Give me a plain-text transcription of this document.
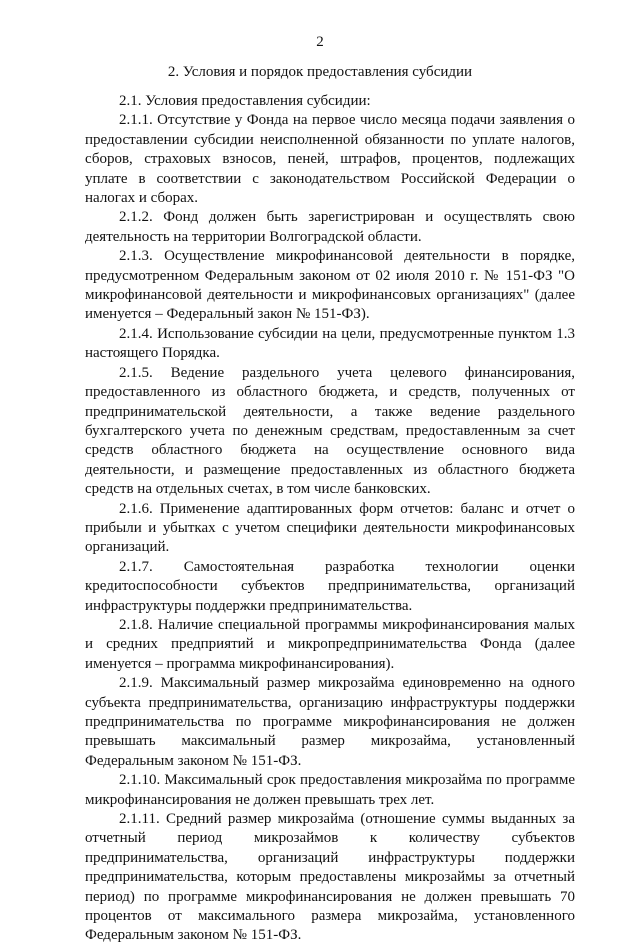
2
2. Условия и порядок предоставления субсидии

2.1. Условия предоставления субсидии:

2.1.1. Отсутствие у Фонда на первое число месяца подачи заявления о предоставлении субсидии неисполненной обязанности по уплате налогов, сборов, страховых взносов, пеней, штрафов, процентов, подлежащих уплате в соответствии с законодательством Российской Федерации о налогах и сборах.

2.1.2. Фонд должен быть зарегистрирован и осуществлять свою деятельность на территории Волгоградской области.

2.1.3. Осуществление микрофинансовой деятельности в порядке, предусмотренном Федеральным законом от 02 июля 2010 г. № 151-ФЗ "О микрофинансовой деятельности и микрофинансовых организациях" (далее именуется – Федеральный закон № 151-ФЗ).

2.1.4. Использование субсидии на цели, предусмотренные пунктом 1.3 настоящего Порядка.

2.1.5. Ведение раздельного учета целевого финансирования, предоставленного из областного бюджета, и средств, полученных от предпринимательской деятельности, а также ведение раздельного бухгалтерского учета по денежным средствам, предоставленным за счет средств областного бюджета на осуществление основного вида деятельности, и размещение предоставленных из областного бюджета средств на отдельных счетах, в том числе банковских.

2.1.6. Применение адаптированных форм отчетов: баланс и отчет о прибыли и убытках с учетом специфики деятельности микрофинансовых организаций.

2.1.7. Самостоятельная разработка технологии оценки кредитоспособности субъектов предпринимательства, организаций инфраструктуры поддержки предпринимательства.

2.1.8. Наличие специальной программы микрофинансирования малых и средних предприятий и микропредпринимательства Фонда (далее именуется – программа микрофинансирования).

2.1.9. Максимальный размер микрозайма единовременно на одного субъекта предпринимательства, организацию инфраструктуры поддержки предпринимательства по программе микрофинансирования не должен превышать максимальный размер микрозайма, установленный Федеральным законом № 151-ФЗ.

2.1.10. Максимальный срок предоставления микрозайма по программе микрофинансирования не должен превышать трех лет.

2.1.11. Средний размер микрозайма (отношение суммы выданных за отчетный период микрозаймов к количеству субъектов предпринимательства, организаций инфраструктуры поддержки предпринимательства, которым предоставлены микрозаймы за отчетный период) по программе микрофинансирования не должен превышать 70 процентов от максимального размера микрозайма, установленного Федеральным законом № 151-ФЗ.
